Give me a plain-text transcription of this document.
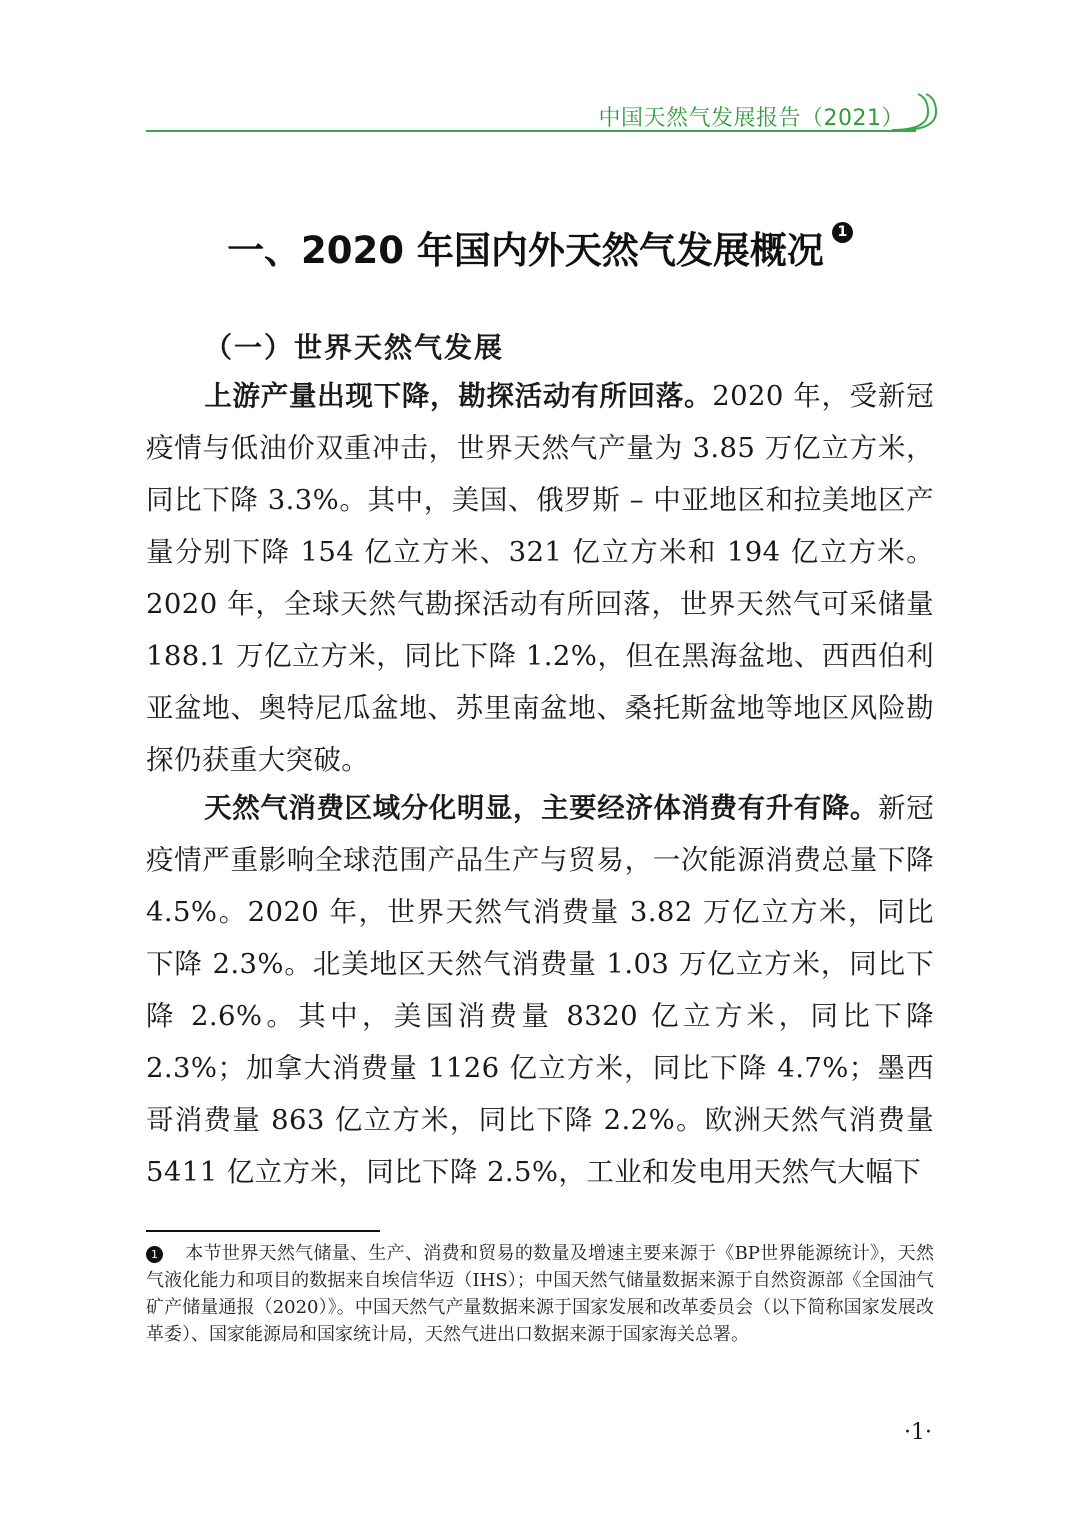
中国天然气发展报告（2021）
一、2020 年国内外天然气发展概况 1
（一）世界天然气发展
上游产量出现下降，勘探活动有所回落。2020 年，受新冠疫情与低油价双重冲击，世界天然气产量为 3.85 万亿立方米，同比下降 3.3%。其中，美国、俄罗斯 – 中亚地区和拉美地区产量分别下降 154 亿立方米、321 亿立方米和 194 亿立方米。2020 年，全球天然气勘探活动有所回落，世界天然气可采储量 188.1 万亿立方米，同比下降 1.2%，但在黑海盆地、西西伯利亚盆地、奥特尼瓜盆地、苏里南盆地、桑托斯盆地等地区风险勘探仍获重大突破。
天然气消费区域分化明显，主要经济体消费有升有降。新冠疫情严重影响全球范围产品生产与贸易，一次能源消费总量下降 4.5%。2020 年，世界天然气消费量 3.82 万亿立方米，同比下降 2.3%。北美地区天然气消费量 1.03 万亿立方米，同比下降 2.6%。其中，美国消费量 8320 亿立方米，同比下降 2.3%；加拿大消费量 1126 亿立方米，同比下降 4.7%；墨西哥消费量 863 亿立方米，同比下降 2.2%。欧洲天然气消费量 5411 亿立方米，同比下降 2.5%，工业和发电用天然气大幅下
1 本节世界天然气储量、生产、消费和贸易的数量及增速主要来源于《BP世界能源统计》，天然气液化能力和项目的数据来自埃信华迈（IHS）；中国天然气储量数据来源于自然资源部《全国油气矿产储量通报（2020）》。中国天然气产量数据来源于国家发展和改革委员会（以下简称国家发展改革委）、国家能源局和国家统计局，天然气进出口数据来源于国家海关总署。
·1·
